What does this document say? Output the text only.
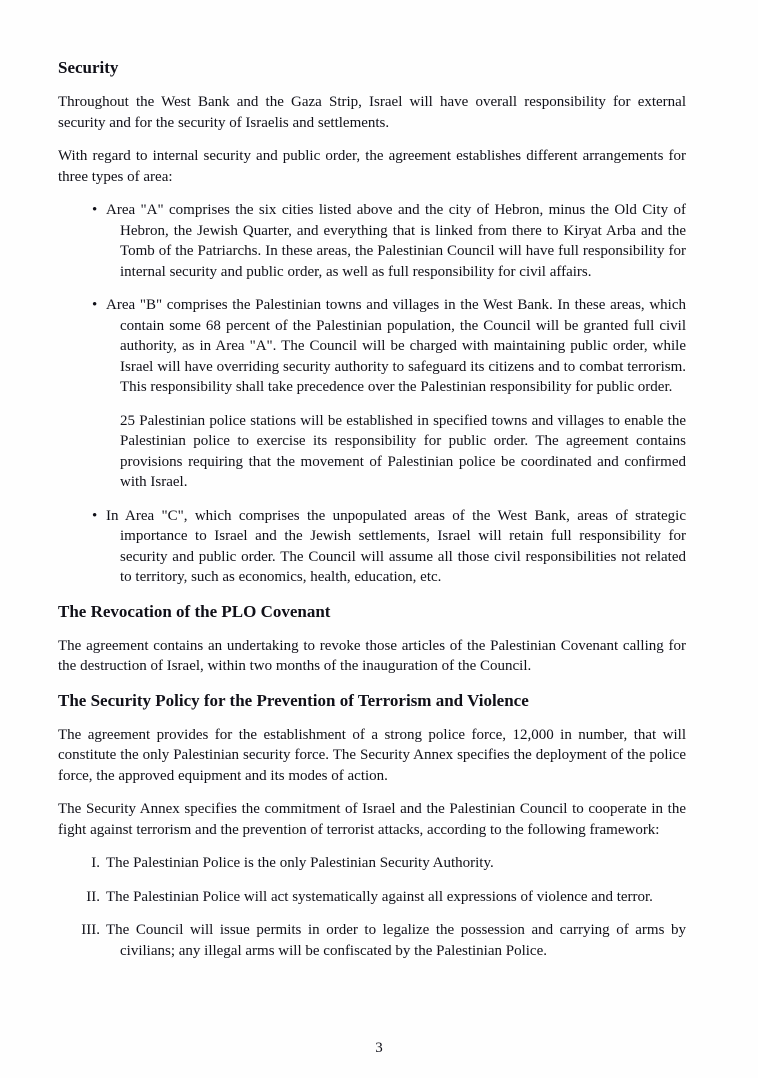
Security

Throughout the West Bank and the Gaza Strip, Israel will have overall responsibility for external security and for the security of Israelis and settlements.

With regard to internal security and public order, the agreement establishes different arrangements for three types of area:

• Area "A" comprises the six cities listed above and the city of Hebron, minus the Old City of Hebron, the Jewish Quarter, and everything that is linked from there to Kiryat Arba and the Tomb of the Patriarchs. In these areas, the Palestinian Council will have full responsibility for internal security and public order, as well as full responsibility for civil affairs.
• Area "B" comprises the Palestinian towns and villages in the West Bank. In these areas, which contain some 68 percent of the Palestinian population, the Council will be granted full civil authority, as in Area "A". The Council will be charged with maintaining public order, while Israel will have overriding security authority to safeguard its citizens and to combat terrorism. This responsibility shall take precedence over the Palestinian responsibility for public order.
25 Palestinian police stations will be established in specified towns and villages to enable the Palestinian police to exercise its responsibility for public order. The agreement contains provisions requiring that the movement of Palestinian police be coordinated and confirmed with Israel.
• In Area "C", which comprises the unpopulated areas of the West Bank, areas of strategic importance to Israel and the Jewish settlements, Israel will retain full responsibility for security and public order. The Council will assume all those civil responsibilities not related to territory, such as economics, health, education, etc.
The Revocation of the PLO Covenant

The agreement contains an undertaking to revoke those articles of the Palestinian Covenant calling for the destruction of Israel, within two months of the inauguration of the Council.

The Security Policy for the Prevention of Terrorism and Violence

The agreement provides for the establishment of a strong police force, 12,000 in number, that will constitute the only Palestinian security force. The Security Annex specifies the deployment of the police force, the approved equipment and its modes of action.

The Security Annex specifies the commitment of Israel and the Palestinian Council to cooperate in the fight against terrorism and the prevention of terrorist attacks, according to the following framework:

I. The Palestinian Police is the only Palestinian Security Authority.
II. The Palestinian Police will act systematically against all expressions of violence and terror.
III. The Council will issue permits in order to legalize the possession and carrying of arms by civilians; any illegal arms will be confiscated by the Palestinian Police.
3
